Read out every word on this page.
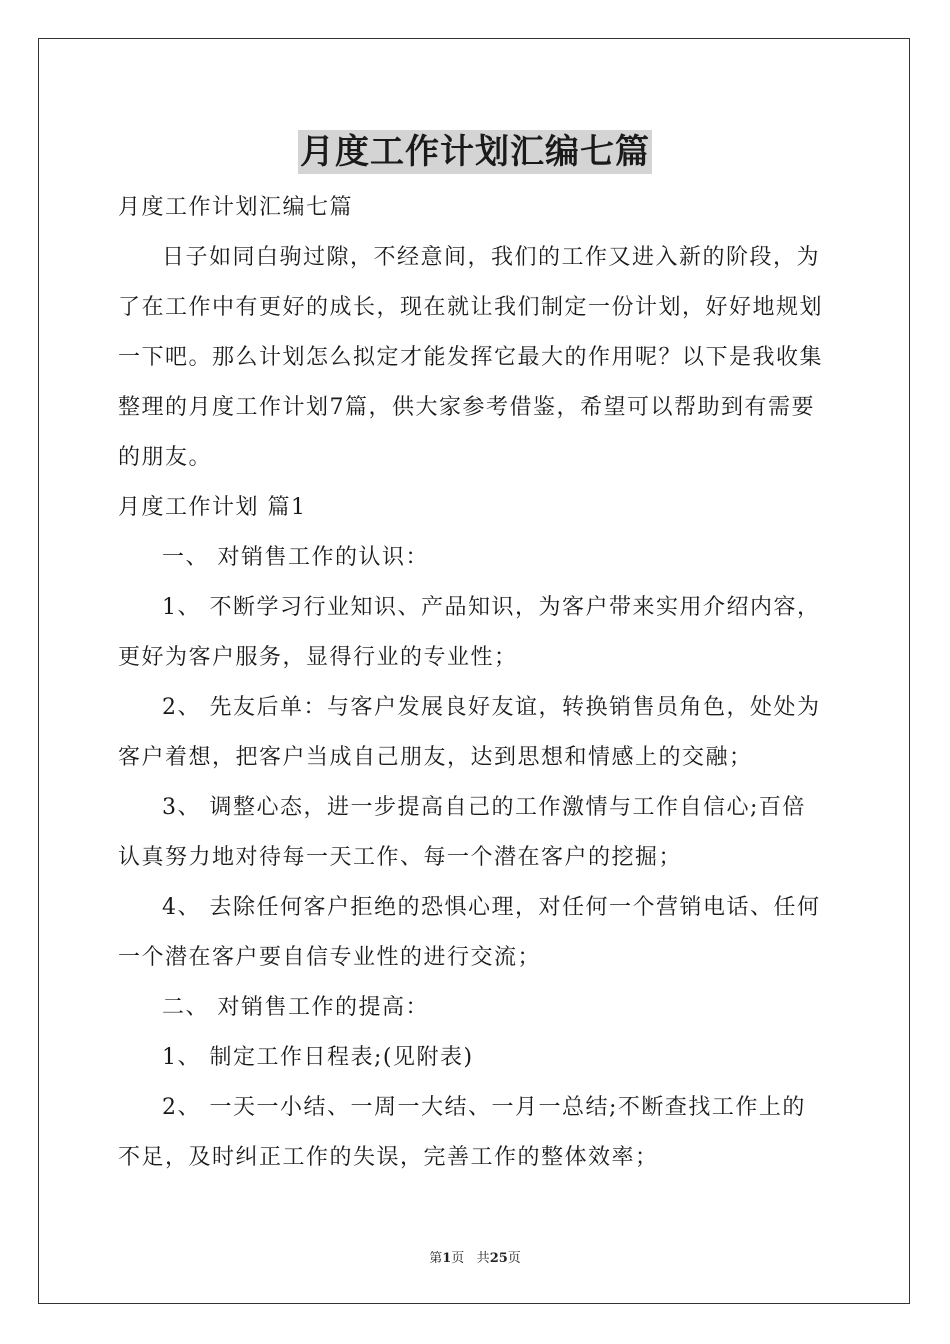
月度工作计划汇编七篇
月度工作计划汇编七篇
日子如同白驹过隙，不经意间，我们的工作又进入新的阶段，为
了在工作中有更好的成长，现在就让我们制定一份计划，好好地规划
一下吧。那么计划怎么拟定才能发挥它最大的作用呢？以下是我收集
整理的月度工作计划7篇，供大家参考借鉴，希望可以帮助到有需要
的朋友。
月度工作计划 篇1
一、 对销售工作的认识：
1、 不断学习行业知识、产品知识，为客户带来实用介绍内容，
更好为客户服务，显得行业的专业性；
2、 先友后单：与客户发展良好友谊，转换销售员角色，处处为
客户着想，把客户当成自己朋友，达到思想和情感上的交融；
3、 调整心态，进一步提高自己的工作激情与工作自信心;百倍
认真努力地对待每一天工作、每一个潜在客户的挖掘；
4、 去除任何客户拒绝的恐惧心理，对任何一个营销电话、任何
一个潜在客户要自信专业性的进行交流；
二、 对销售工作的提高：
1、 制定工作日程表;(见附表)
2、 一天一小结、一周一大结、一月一总结;不断查找工作上的
不足，及时纠正工作的失误，完善工作的整体效率；
第1页 共25页
